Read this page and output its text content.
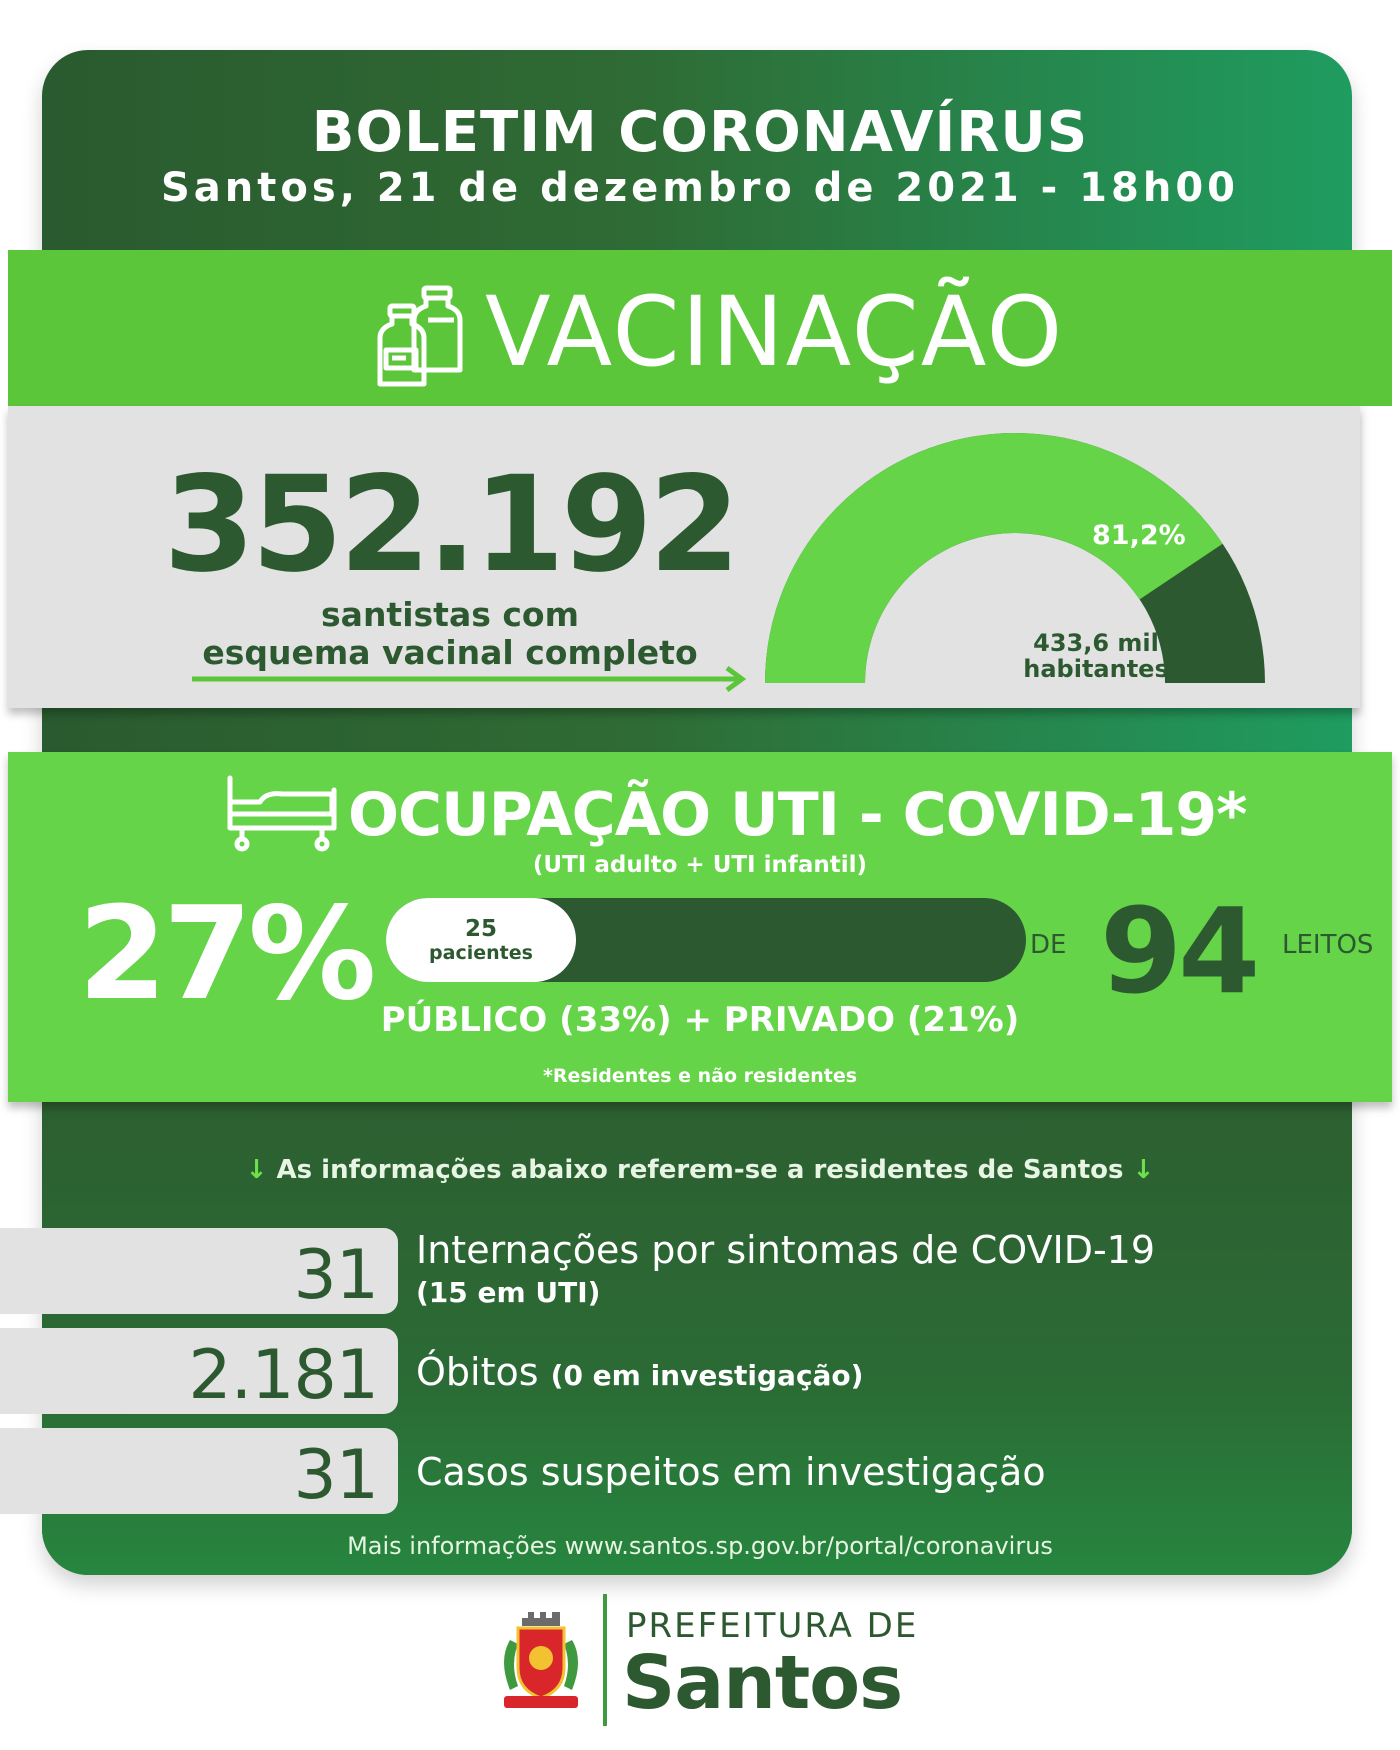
BOLETIM CORONAVÍRUS
Santos, 21 de dezembro de 2021 - 18h00
VACINAÇÃO
352.192
santistas com
esquema vacinal completo
81,2%
433,6 mil
habitantes
OCUPAÇÃO UTI - COVID-19*
(UTI adulto + UTI infantil)
27%	25
pacientes	DE 94 LEITOS
PÚBLICO (33%) + PRIVADO (21%)
*Residentes e não residentes
↓ As informações abaixo referem-se a residentes de Santos ↓
31 Internações por sintomas de COVID-19
(15 em UTI)
2.181 Óbitos (0 em investigação)
31 Casos suspeitos em investigação
Mais informações www.santos.sp.gov.br/portal/coronavirus
PREFEITURA DE
Santos
